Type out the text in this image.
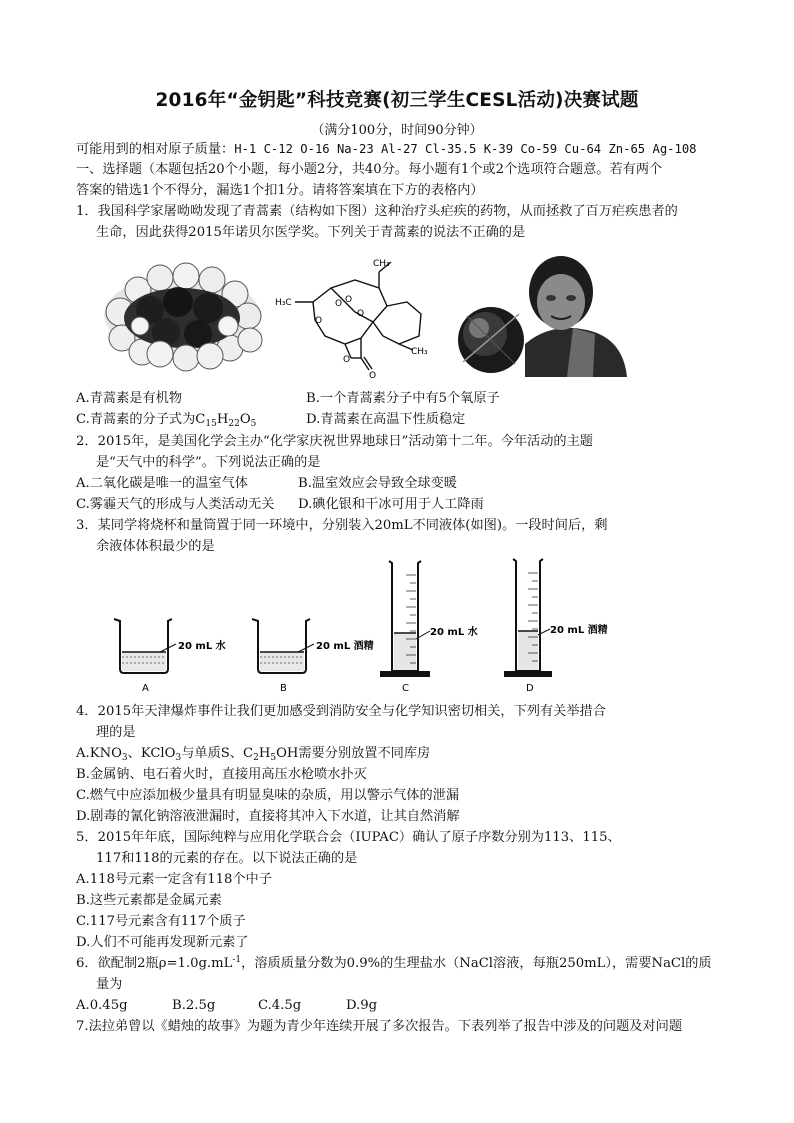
2016年“金钥匙”科技竞赛(初三学生CESL活动)决赛试题
（满分100分，时间90分钟）
可能用到的相对原子质量：H-1 C-12 O-16 Na-23 Al-27 Cl-35.5 K-39 Co-59 Cu-64 Zn-65 Ag-108
一、选择题（本题包括20个小题，每小题2分，共40分。每小题有1个或2个选项符合题意。若有两个
答案的错选1个不得分，漏选1个扣1分。请将答案填在下方的表格内）
1．我国科学家屠呦呦发现了青蒿素（结构如下图）这种治疗头疟疾的药物，从而拯救了百万疟疾患者的
生命，因此获得2015年诺贝尔医学奖。下列关于青蒿素的说法不正确的是
CH₃
H₃C
CH₃
O O
O
O
O
O
A.青蒿素是有机物	B.一个青蒿素分子中有5个氧原子
C.青蒿素的分子式为$C_{15}H_{22}O_5$	D.青蒿素在高温下性质稳定
2．2015年，是美国化学会主办“化学家庆祝世界地球日”活动第十二年。今年活动的主题
是“天气中的科学”。下列说法正确的是
A.二氧化碳是唯一的温室气体	B.温室效应会导致全球变暖
C.雾霾天气的形成与人类活动无关 D.碘化银和干冰可用于人工降雨
3．某同学将烧杯和量筒置于同一环境中，分别装入20mL不同液体(如图)。一段时间后，剩
余液体体积最少的是
20 mL 水
A
20 mL 酒精
B
20 mL 水
C
20 mL 酒精
D
4．2015年天津爆炸事件让我们更加感受到消防安全与化学知识密切相关，下列有关举措合
理的是
$A.KNO_3$、KClO$_3$与单质S、$C_2H_5OH$需要分别放置不同库房
B.金属钠、电石着火时，直接用高压水枪喷水扑灭
C.燃气中应添加极少量具有明显臭味的杂质，用以警示气体的泄漏
D.剧毒的氰化钠溶液泄漏时，直接将其冲入下水道，让其自然消解
5．2015年年底，国际纯粹与应用化学联合会（IUPAC）确认了原子序数分别为113、115、
117和118的元素的存在。以下说法正确的是
A.118号元素一定含有118个中子
B.这些元素都是金属元素
C.117号元素含有117个质子
D.人们不可能再发现新元素了
6．欲配制2瓶$\rho=1.0g.mL^{-1}$，溶质质量分数为0.9%的生理盐水（NaCl溶液，每瓶250mL），需要NaCl的质
量为
A.0.45g	B.2.5g	C.4.5g	D.9g
7.法拉弟曾以《蜡烛的故事》为题为青少年连续开展了多次报告。下表列举了报告中涉及的问题及对问题
